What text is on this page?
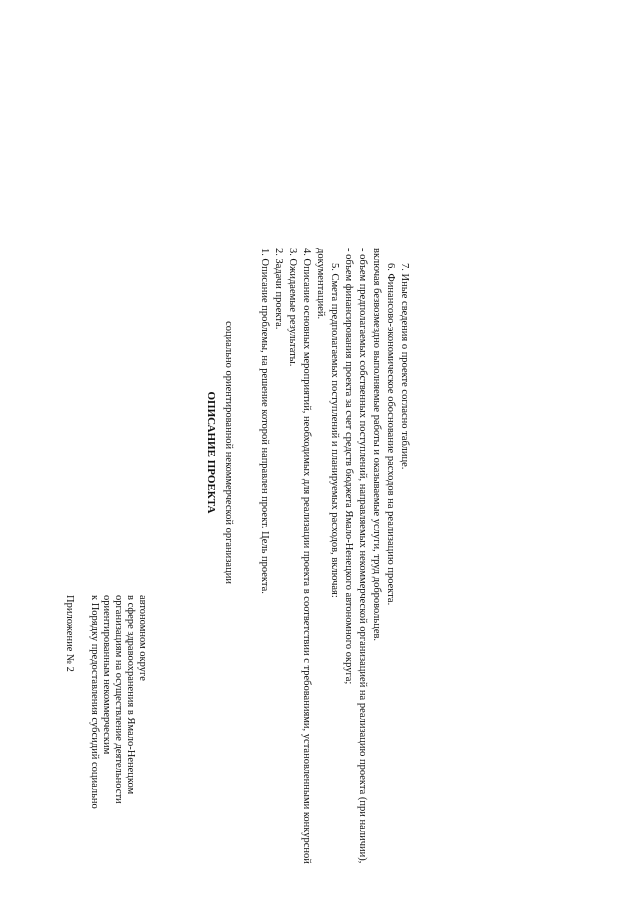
Приложение № 2 к Порядку предоставления субсидий социально ориентированным некоммерческим организациям на осуществление деятельности в сфере здравоохранения в Ямало-Ненецком автономном округе
ОПИСАНИЕ ПРОЕКТА социально ориентированной некоммерческой организации 1. Описание проблемы, на решение которой направлен проект. Цель проекта. 2. Задачи проекта. 3. Ожидаемые результаты. 4. Описание основных мероприятий, необходимых для реализации проекта в соответствии с требованиями, установленными конкурсной документацией. 5. Смета предполагаемых поступлений и планируемых расходов, включая: - объем финансирования проекта за счет средств бюджета Ямало-Ненецкого автономного округа; - объем предполагаемых собственных поступлений, направляемых некоммерческой организацией на реализацию проекта (при наличии), включая безвозмездно выполняемые работы и оказываемые услуги, труд добровольцев. 6. Финансово-экономическое обоснование расходов на реализацию проекта. 7. Иные сведения о проекте согласно таблице.
